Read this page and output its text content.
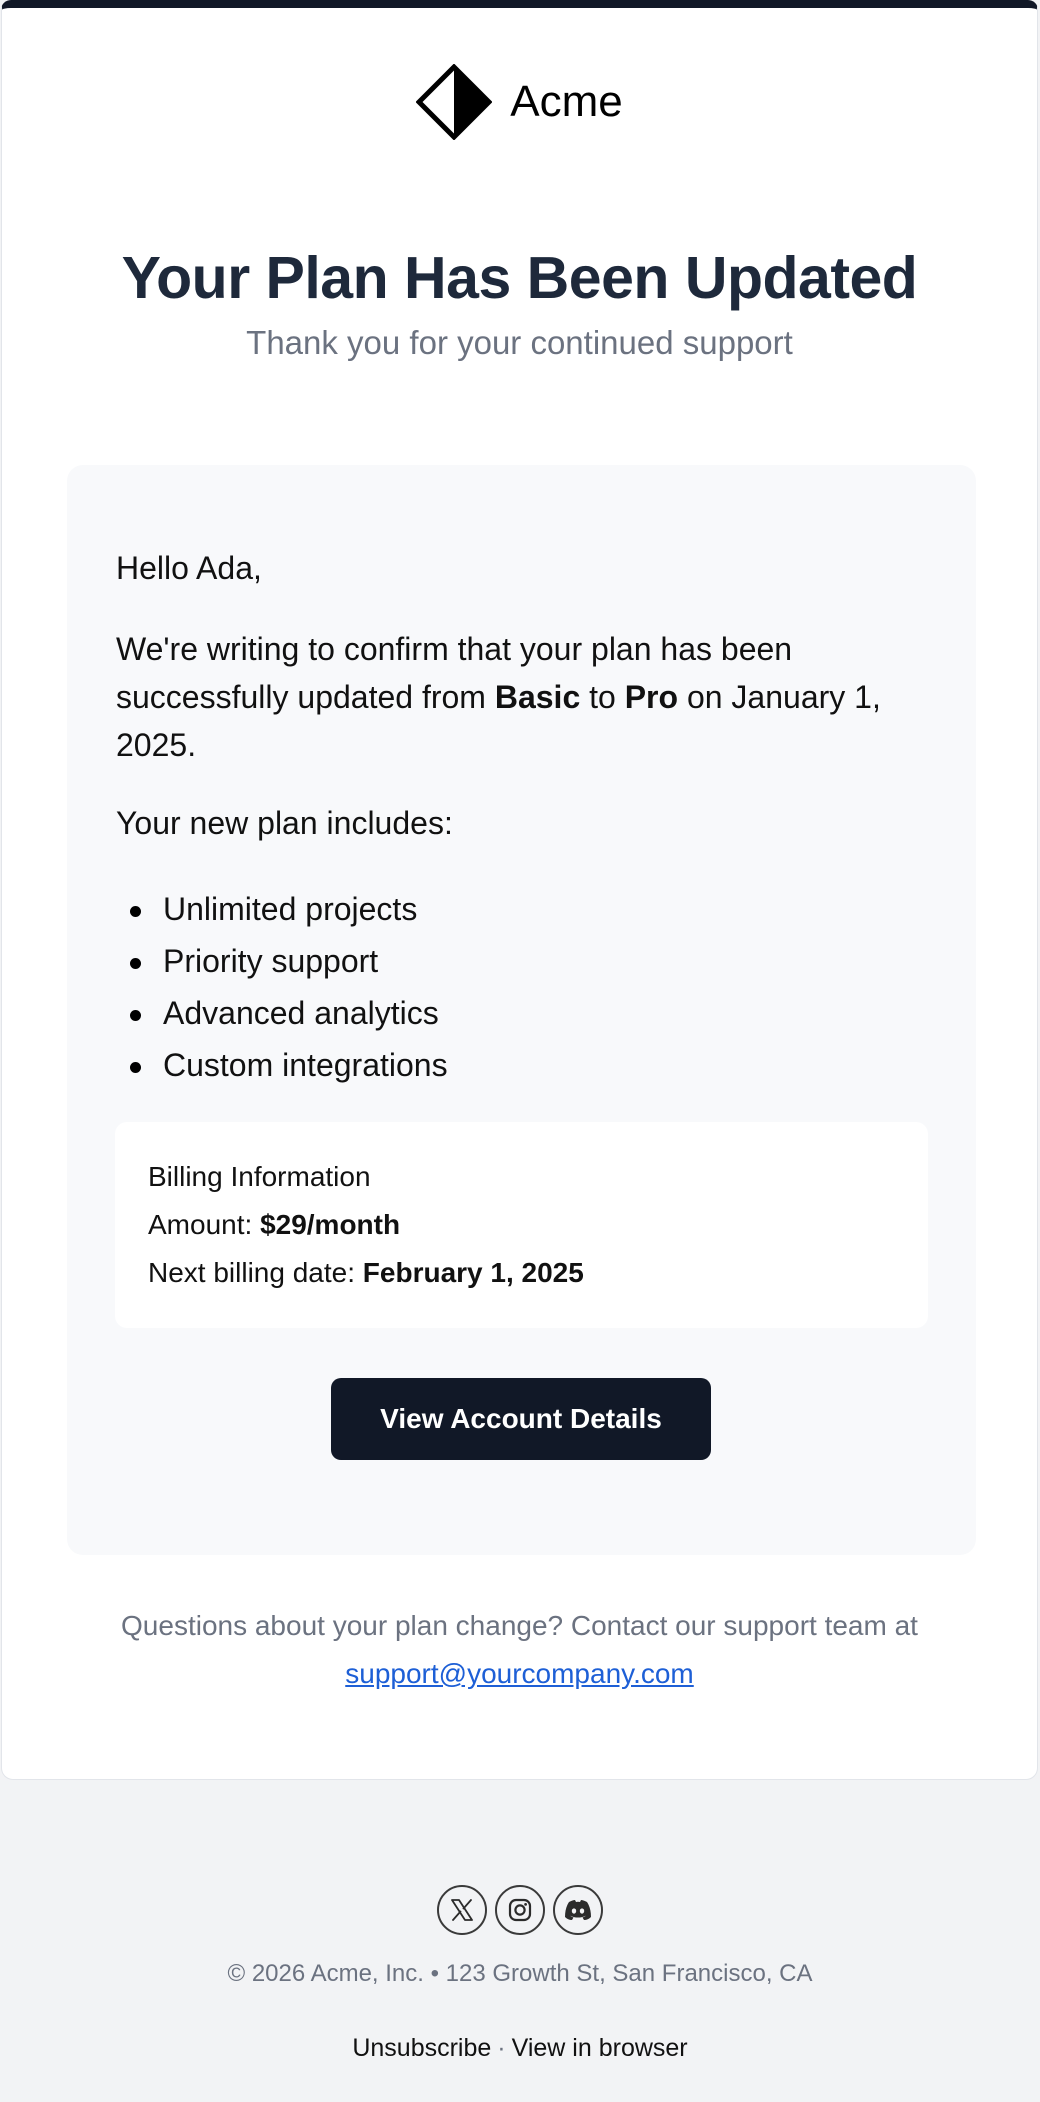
Acme
Your Plan Has Been Updated
Thank you for your continued support
Hello Ada,
We're writing to confirm that your plan has been successfully updated from Basic to Pro on January 1, 2025.
Your new plan includes:
Unlimited projects
Priority support
Advanced analytics
Custom integrations
Billing Information
Amount: $29/month
Next billing date: February 1, 2025
View Account Details
Questions about your plan change? Contact our support team at
support@yourcompany.com
© 2026 Acme, Inc. • 123 Growth St, San Francisco, CA
Unsubscribe · View in browser
